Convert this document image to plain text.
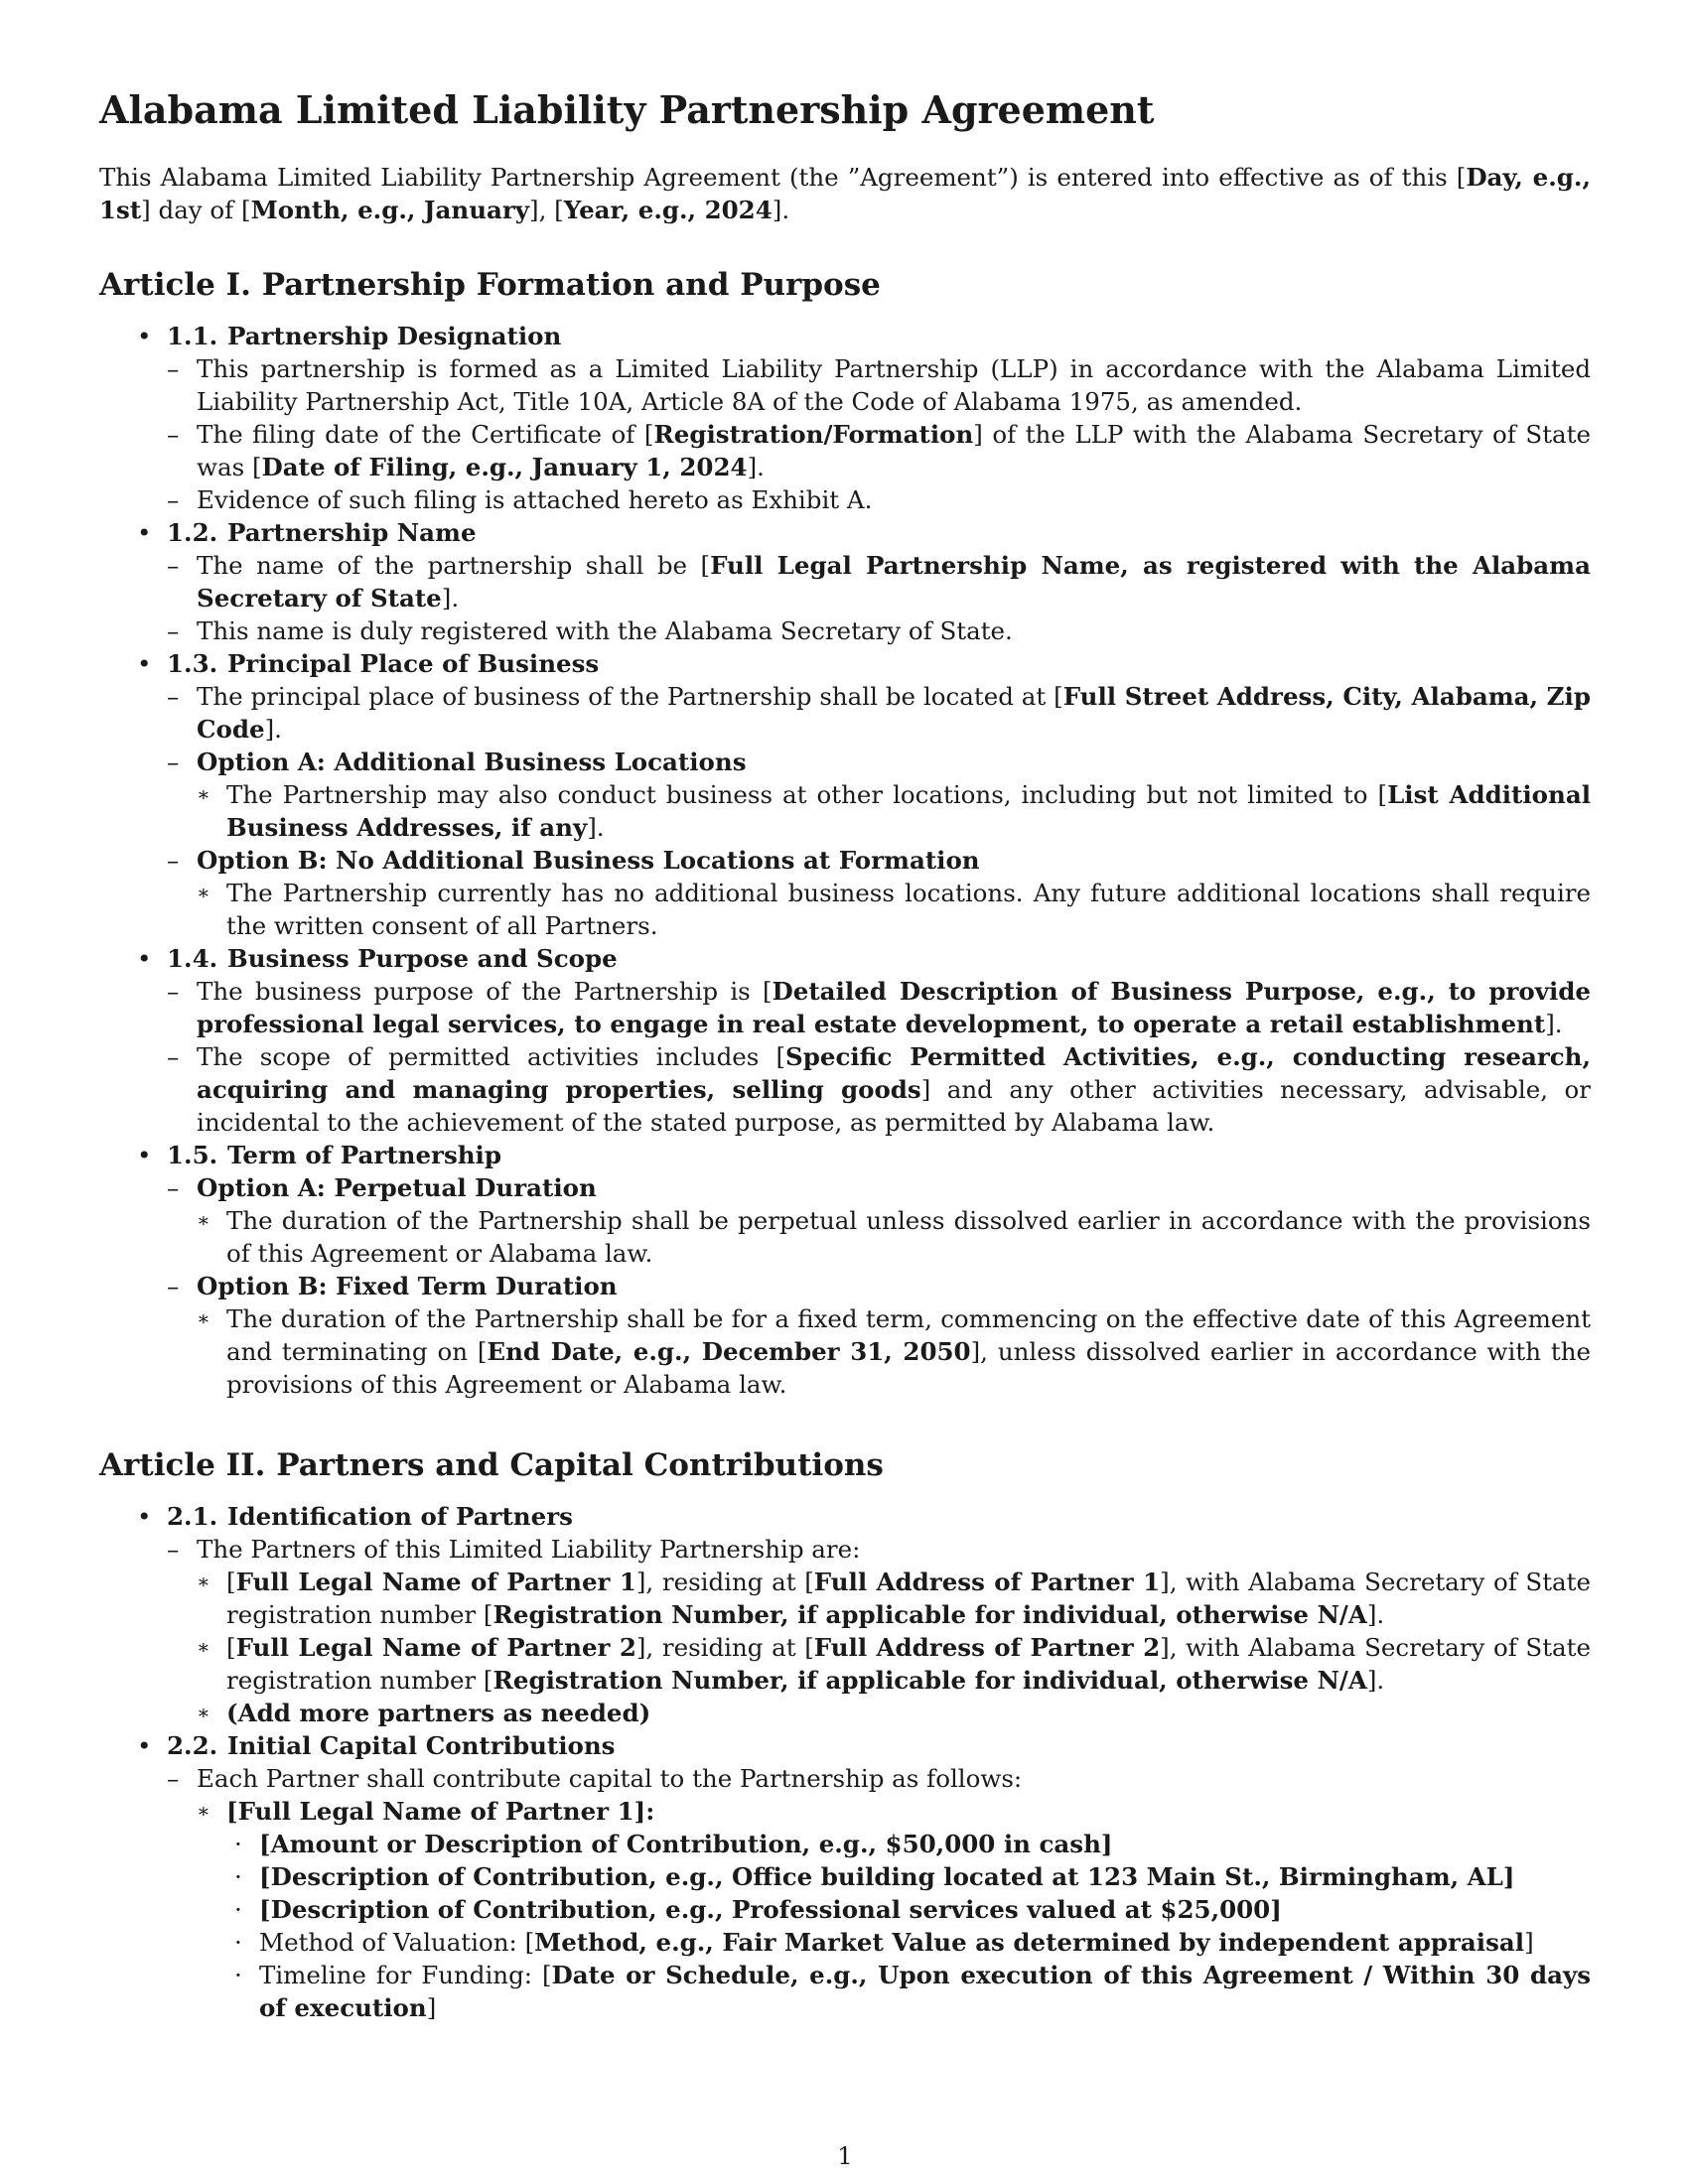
Alabama Limited Liability Partnership Agreement

This Alabama Limited Liability Partnership Agreement (the ”Agreement”) is entered into effective as of this [Day, e.g., 1st] day of [Month, e.g., January], [Year, e.g., 2024].

Article I. Partnership Formation and Purpose
• 1.1. Partnership Designation
– This partnership is formed as a Limited Liability Partnership (LLP) in accordance with the Alabama Limited Liability Partnership Act, Title 10A, Article 8A of the Code of Alabama 1975, as amended.
– The filing date of the Certificate of [Registration/Formation] of the LLP with the Alabama Secretary of State was [Date of Filing, e.g., January 1, 2024].
– Evidence of such filing is attached hereto as Exhibit A.
• 1.2. Partnership Name
– The name of the partnership shall be [Full Legal Partnership Name, as registered with the Alabama Secretary of State].
– This name is duly registered with the Alabama Secretary of State.
• 1.3. Principal Place of Business
– The principal place of business of the Partnership shall be located at [Full Street Address, City, Alabama, Zip Code].
– Option A: Additional Business Locations
∗ The Partnership may also conduct business at other locations, including but not limited to [List Additional Business Addresses, if any].
– Option B: No Additional Business Locations at Formation
∗ The Partnership currently has no additional business locations. Any future additional locations shall require the written consent of all Partners.
• 1.4. Business Purpose and Scope
– The business purpose of the Partnership is [Detailed Description of Business Purpose, e.g., to provide professional legal services, to engage in real estate development, to operate a retail establishment].
– The scope of permitted activities includes [Specific Permitted Activities, e.g., conducting research, acquiring and managing properties, selling goods] and any other activities necessary, advisable, or incidental to the achievement of the stated purpose, as permitted by Alabama law.
• 1.5. Term of Partnership
– Option A: Perpetual Duration
∗ The duration of the Partnership shall be perpetual unless dissolved earlier in accordance with the provisions of this Agreement or Alabama law.
– Option B: Fixed Term Duration
∗ The duration of the Partnership shall be for a fixed term, commencing on the effective date of this Agreement and terminating on [End Date, e.g., December 31, 2050], unless dissolved earlier in accordance with the provisions of this Agreement or Alabama law.
Article II. Partners and Capital Contributions
• 2.1. Identification of Partners
– The Partners of this Limited Liability Partnership are:
∗ [Full Legal Name of Partner 1], residing at [Full Address of Partner 1], with Alabama Secretary of State registration number [Registration Number, if applicable for individual, otherwise N/A].
∗ [Full Legal Name of Partner 2], residing at [Full Address of Partner 2], with Alabama Secretary of State registration number [Registration Number, if applicable for individual, otherwise N/A].
∗ (Add more partners as needed)
• 2.2. Initial Capital Contributions
– Each Partner shall contribute capital to the Partnership as follows:
∗ [Full Legal Name of Partner 1]:
· [Amount or Description of Contribution, e.g., $50,000 in cash]
· [Description of Contribution, e.g., Office building located at 123 Main St., Birmingham, AL]
· [Description of Contribution, e.g., Professional services valued at $25,000]
· Method of Valuation: [Method, e.g., Fair Market Value as determined by independent appraisal]
· Timeline for Funding: [Date or Schedule, e.g., Upon execution of this Agreement / Within 30 days of execution]
1
